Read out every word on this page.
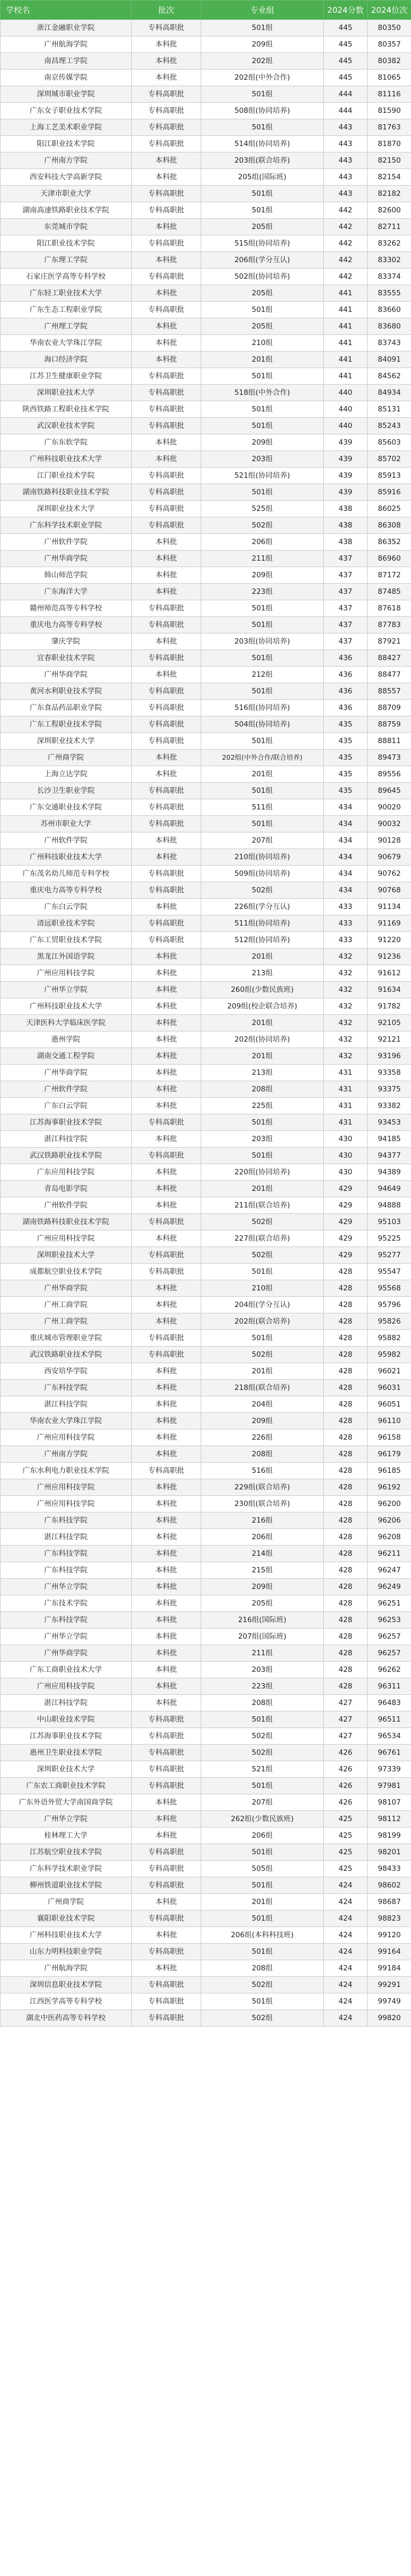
学校名	批次	专业组	2024分数	2024位次
浙江金融职业学院	专科高职批	501组	445	80350
广州航海学院	本科批	209组	445	80357
南昌理工学院	本科批	202组	445	80382
南京传媒学院	本科批	202组(中外合作)	445	81065
深圳城市职业学院	专科高职批	501组	444	81116
广东女子职业技术学院	专科高职批	508组(协同培养)	444	81590
上海工艺美术职业学院	专科高职批	501组	443	81763
阳江职业技术学院	专科高职批	514组(协同培养)	443	81870
广州南方学院	本科批	203组(联合培养)	443	82150
西安科技大学高新学院	本科批	205组(国际班)	443	82154
天津市职业大学	专科高职批	501组	443	82182
湖南高速铁路职业技术学院	专科高职批	501组	442	82600
东莞城市学院	本科批	205组	442	82711
阳江职业技术学院	专科高职批	515组(协同培养)	442	83262
广东理工学院	本科批	206组(学分互认)	442	83302
石家庄医学高等专科学校	专科高职批	502组(协同培养)	442	83374
广东轻工职业技术大学	本科批	205组	441	83555
广东生态工程职业学院	专科高职批	501组	441	83660
广州理工学院	本科批	205组	441	83680
华南农业大学珠江学院	本科批	210组	441	83743
海口经济学院	本科批	201组	441	84091
江苏卫生健康职业学院	专科高职批	501组	441	84562
深圳职业技术大学	专科高职批	518组(中外合作)	440	84934
陕西铁路工程职业技术学院	专科高职批	501组	440	85131
武汉职业技术学院	专科高职批	501组	440	85243
广东东软学院	本科批	209组	439	85603
广州科技职业技术大学	本科批	203组	439	85702
江门职业技术学院	专科高职批	521组(协同培养)	439	85913
湖南铁路科技职业技术学院	专科高职批	501组	439	85916
深圳职业技术大学	专科高职批	525组	438	86025
广东科学技术职业学院	专科高职批	502组	438	86308
广州软件学院	本科批	206组	438	86352
广州华商学院	本科批	211组	437	86960
韩山师范学院	本科批	209组	437	87172
广东海洋大学	本科批	223组	437	87485
赣州师范高等专科学校	专科高职批	501组	437	87618
重庆电力高等专科学校	专科高职批	501组	437	87783
肇庆学院	本科批	203组(协同培养)	437	87921
宜春职业技术学院	专科高职批	501组	436	88427
广州华商学院	本科批	212组	436	88477
黄河水利职业技术学院	专科高职批	501组	436	88557
广东食品药品职业学院	专科高职批	516组(协同培养)	436	88709
广东工程职业技术学院	专科高职批	504组(协同培养)	435	88759
深圳职业技术大学	专科高职批	501组	435	88811
广州商学院	本科批	202组(中外合作/联合培养)	435	89473
上海立达学院	本科批	201组	435	89556
长沙卫生职业学院	专科高职批	501组	435	89645
广东交通职业技术学院	专科高职批	511组	434	90020
苏州市职业大学	专科高职批	501组	434	90032
广州软件学院	本科批	207组	434	90128
广州科技职业技术大学	本科批	210组(协同培养)	434	90679
广东茂名幼儿师范专科学校	专科高职批	509组(协同培养)	434	90762
重庆电力高等专科学校	专科高职批	502组	434	90768
广东白云学院	本科批	226组(学分互认)	433	91134
清远职业技术学院	专科高职批	511组(协同培养)	433	91169
广东工贸职业技术学院	专科高职批	512组(协同培养)	433	91220
黑龙江外国语学院	本科批	201组	432	91236
广州应用科技学院	本科批	213组	432	91612
广州华立学院	本科批	260组(少数民族班)	432	91634
广州科技职业技术大学	本科批	209组(校企联合培养)	432	91782
天津医科大学临床医学院	本科批	201组	432	92105
惠州学院	本科批	202组(协同培养)	432	92121
湖南交通工程学院	本科批	201组	432	93196
广州华商学院	本科批	213组	431	93358
广州软件学院	本科批	208组	431	93375
广东白云学院	本科批	225组	431	93382
江苏海事职业技术学院	专科高职批	501组	431	93453
湛江科技学院	本科批	203组	430	94185
武汉铁路职业技术学院	专科高职批	501组	430	94377
广东应用科技学院	本科批	220组(协同培养)	430	94389
青岛电影学院	本科批	201组	429	94649
广州软件学院	本科批	211组(联合培养)	429	94888
湖南铁路科技职业技术学院	专科高职批	502组	429	95103
广州应用科技学院	本科批	227组(联合培养)	429	95225
深圳职业技术大学	专科高职批	502组	429	95277
成都航空职业技术学院	专科高职批	501组	428	95547
广州华商学院	本科批	210组	428	95568
广州工商学院	本科批	204组(学分互认)	428	95796
广州工商学院	本科批	202组(联合培养)	428	95826
重庆城市管理职业学院	专科高职批	501组	428	95882
武汉铁路职业技术学院	专科高职批	502组	428	95982
西安培华学院	本科批	201组	428	96021
广东科技学院	本科批	218组(联合培养)	428	96031
湛江科技学院	本科批	204组	428	96051
华南农业大学珠江学院	本科批	209组	428	96110
广州应用科技学院	本科批	226组	428	96158
广州南方学院	本科批	208组	428	96179
广东水利电力职业技术学院	专科高职批	516组	428	96185
广州应用科技学院	本科批	229组(联合培养)	428	96192
广州应用科技学院	本科批	230组(联合培养)	428	96200
广东科技学院	本科批	216组	428	96206
湛江科技学院	本科批	206组	428	96208
广东科技学院	本科批	214组	428	96211
广东科技学院	本科批	215组	428	96247
广州华立学院	本科批	209组	428	96249
广东技术学院	本科批	205组	428	96251
广东科技学院	本科批	216组(国际班)	428	96253
广州华立学院	本科批	207组(国际班)	428	96257
广州华商学院	本科批	211组	428	96257
广东工商职业技术大学	本科批	203组	428	96262
广州应用科技学院	本科批	223组	428	96311
湛江科技学院	本科批	208组	427	96483
中山职业技术学院	专科高职批	501组	427	96511
江苏海事职业技术学院	专科高职批	502组	427	96534
惠州卫生职业技术学院	专科高职批	502组	426	96761
深圳职业技术大学	专科高职批	521组	426	97339
广东农工商职业技术学院	专科高职批	501组	426	97981
广东外语外贸大学南国商学院	本科批	207组	426	98107
广州华立学院	本科批	262组(少数民族班)	425	98112
桂林理工大学	本科批	206组	425	98199
江苏航空职业技术学院	专科高职批	501组	425	98201
广东科学技术职业学院	专科高职批	505组	425	98433
柳州铁道职业技术学院	专科高职批	501组	424	98602
广州商学院	本科批	201组	424	98687
襄阳职业技术学院	专科高职批	501组	424	98823
广州科技职业技术大学	本科批	206组(本科科技班)	424	99120
山东力明科技职业学院	专科高职批	501组	424	99164
广州航海学院	本科批	208组	424	99184
深圳信息职业技术学院	专科高职批	502组	424	99291
江西医学高等专科学校	专科高职批	501组	424	99749
湖北中医药高等专科学校	专科高职批	502组	424	99820
